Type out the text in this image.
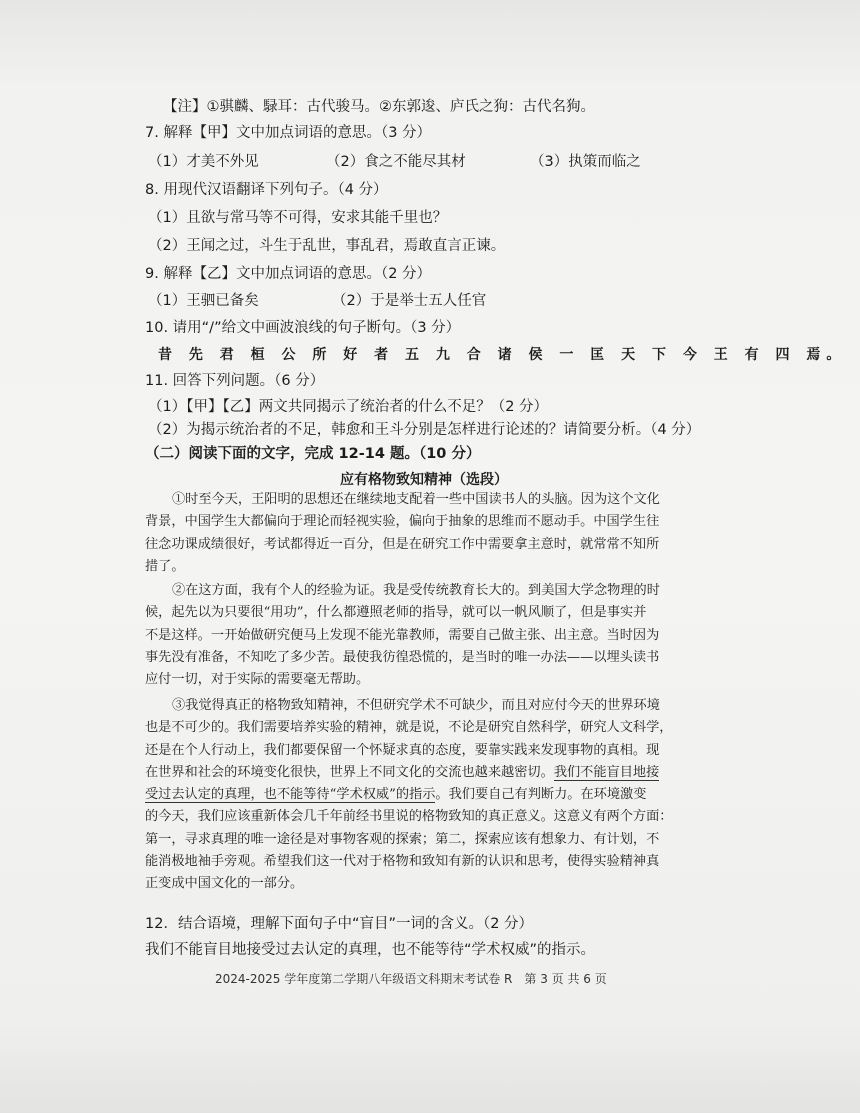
【注】①骐麟、騄耳：古代骏马。②东郭逡、庐氏之狗：古代名狗。
7. 解释【甲】文中加点词语的意思。（3 分）
（1）才美不外见	（2）食之不能尽其材	（3）执策而临之
8. 用现代汉语翻译下列句子。（4 分）
（1）且欲与常马等不可得，安求其能千里也？
（2）王闻之过，斗生于乱世，事乱君，焉敢直言正谏。
9. 解释【乙】文中加点词语的意思。（2 分）
（1）王驷已备矣	（2）于是举士五人任官
10. 请用“/”给文中画波浪线的句子断句。（3 分）
昔 先 君 桓 公 所 好 者 五 九 合 诸 侯 一 匡 天 下 今 王 有 四 焉。
11. 回答下列问题。（6 分）
（1）【甲】【乙】两文共同揭示了统治者的什么不足？（2 分）
（2）为揭示统治者的不足，韩愈和王斗分别是怎样进行论述的？请简要分析。（4 分）
（二）阅读下面的文字，完成 12-14 题。（10 分）
应有格物致知精神（选段）
①时至今天，王阳明的思想还在继续地支配着一些中国读书人的头脑。因为这个文化
背景，中国学生大都偏向于理论而轻视实验，偏向于抽象的思维而不愿动手。中国学生往
往念功课成绩很好，考试都得近一百分，但是在研究工作中需要拿主意时，就常常不知所
措了。
②在这方面，我有个人的经验为证。我是受传统教育长大的。到美国大学念物理的时
候，起先以为只要很“用功”，什么都遵照老师的指导，就可以一帆风顺了，但是事实并
不是这样。一开始做研究便马上发现不能光靠教师，需要自己做主张、出主意。当时因为
事先没有准备，不知吃了多少苦。最使我彷徨恐慌的，是当时的唯一办法——以埋头读书
应付一切，对于实际的需要毫无帮助。
③我觉得真正的格物致知精神，不但研究学术不可缺少，而且对应付今天的世界环境
也是不可少的。我们需要培养实验的精神，就是说，不论是研究自然科学，研究人文科学，
还是在个人行动上，我们都要保留一个怀疑求真的态度，要靠实践来发现事物的真相。现
在世界和社会的环境变化很快，世界上不同文化的交流也越来越密切。我们不能盲目地接
受过去认定的真理，也不能等待“学术权威”的指示。我们要自己有判断力。在环境激变
的今天，我们应该重新体会几千年前经书里说的格物致知的真正意义。这意义有两个方面：
第一，寻求真理的唯一途径是对事物客观的探索；第二，探索应该有想象力、有计划，不
能消极地袖手旁观。希望我们这一代对于格物和致知有新的认识和思考，使得实验精神真
正变成中国文化的一部分。
12．结合语境，理解下面句子中“盲目”一词的含义。（2 分）
我们不能盲目地接受过去认定的真理，也不能等待“学术权威”的指示。
2024-2025 学年度第二学期八年级语文科期末考试卷 R　第 3 页 共 6 页
